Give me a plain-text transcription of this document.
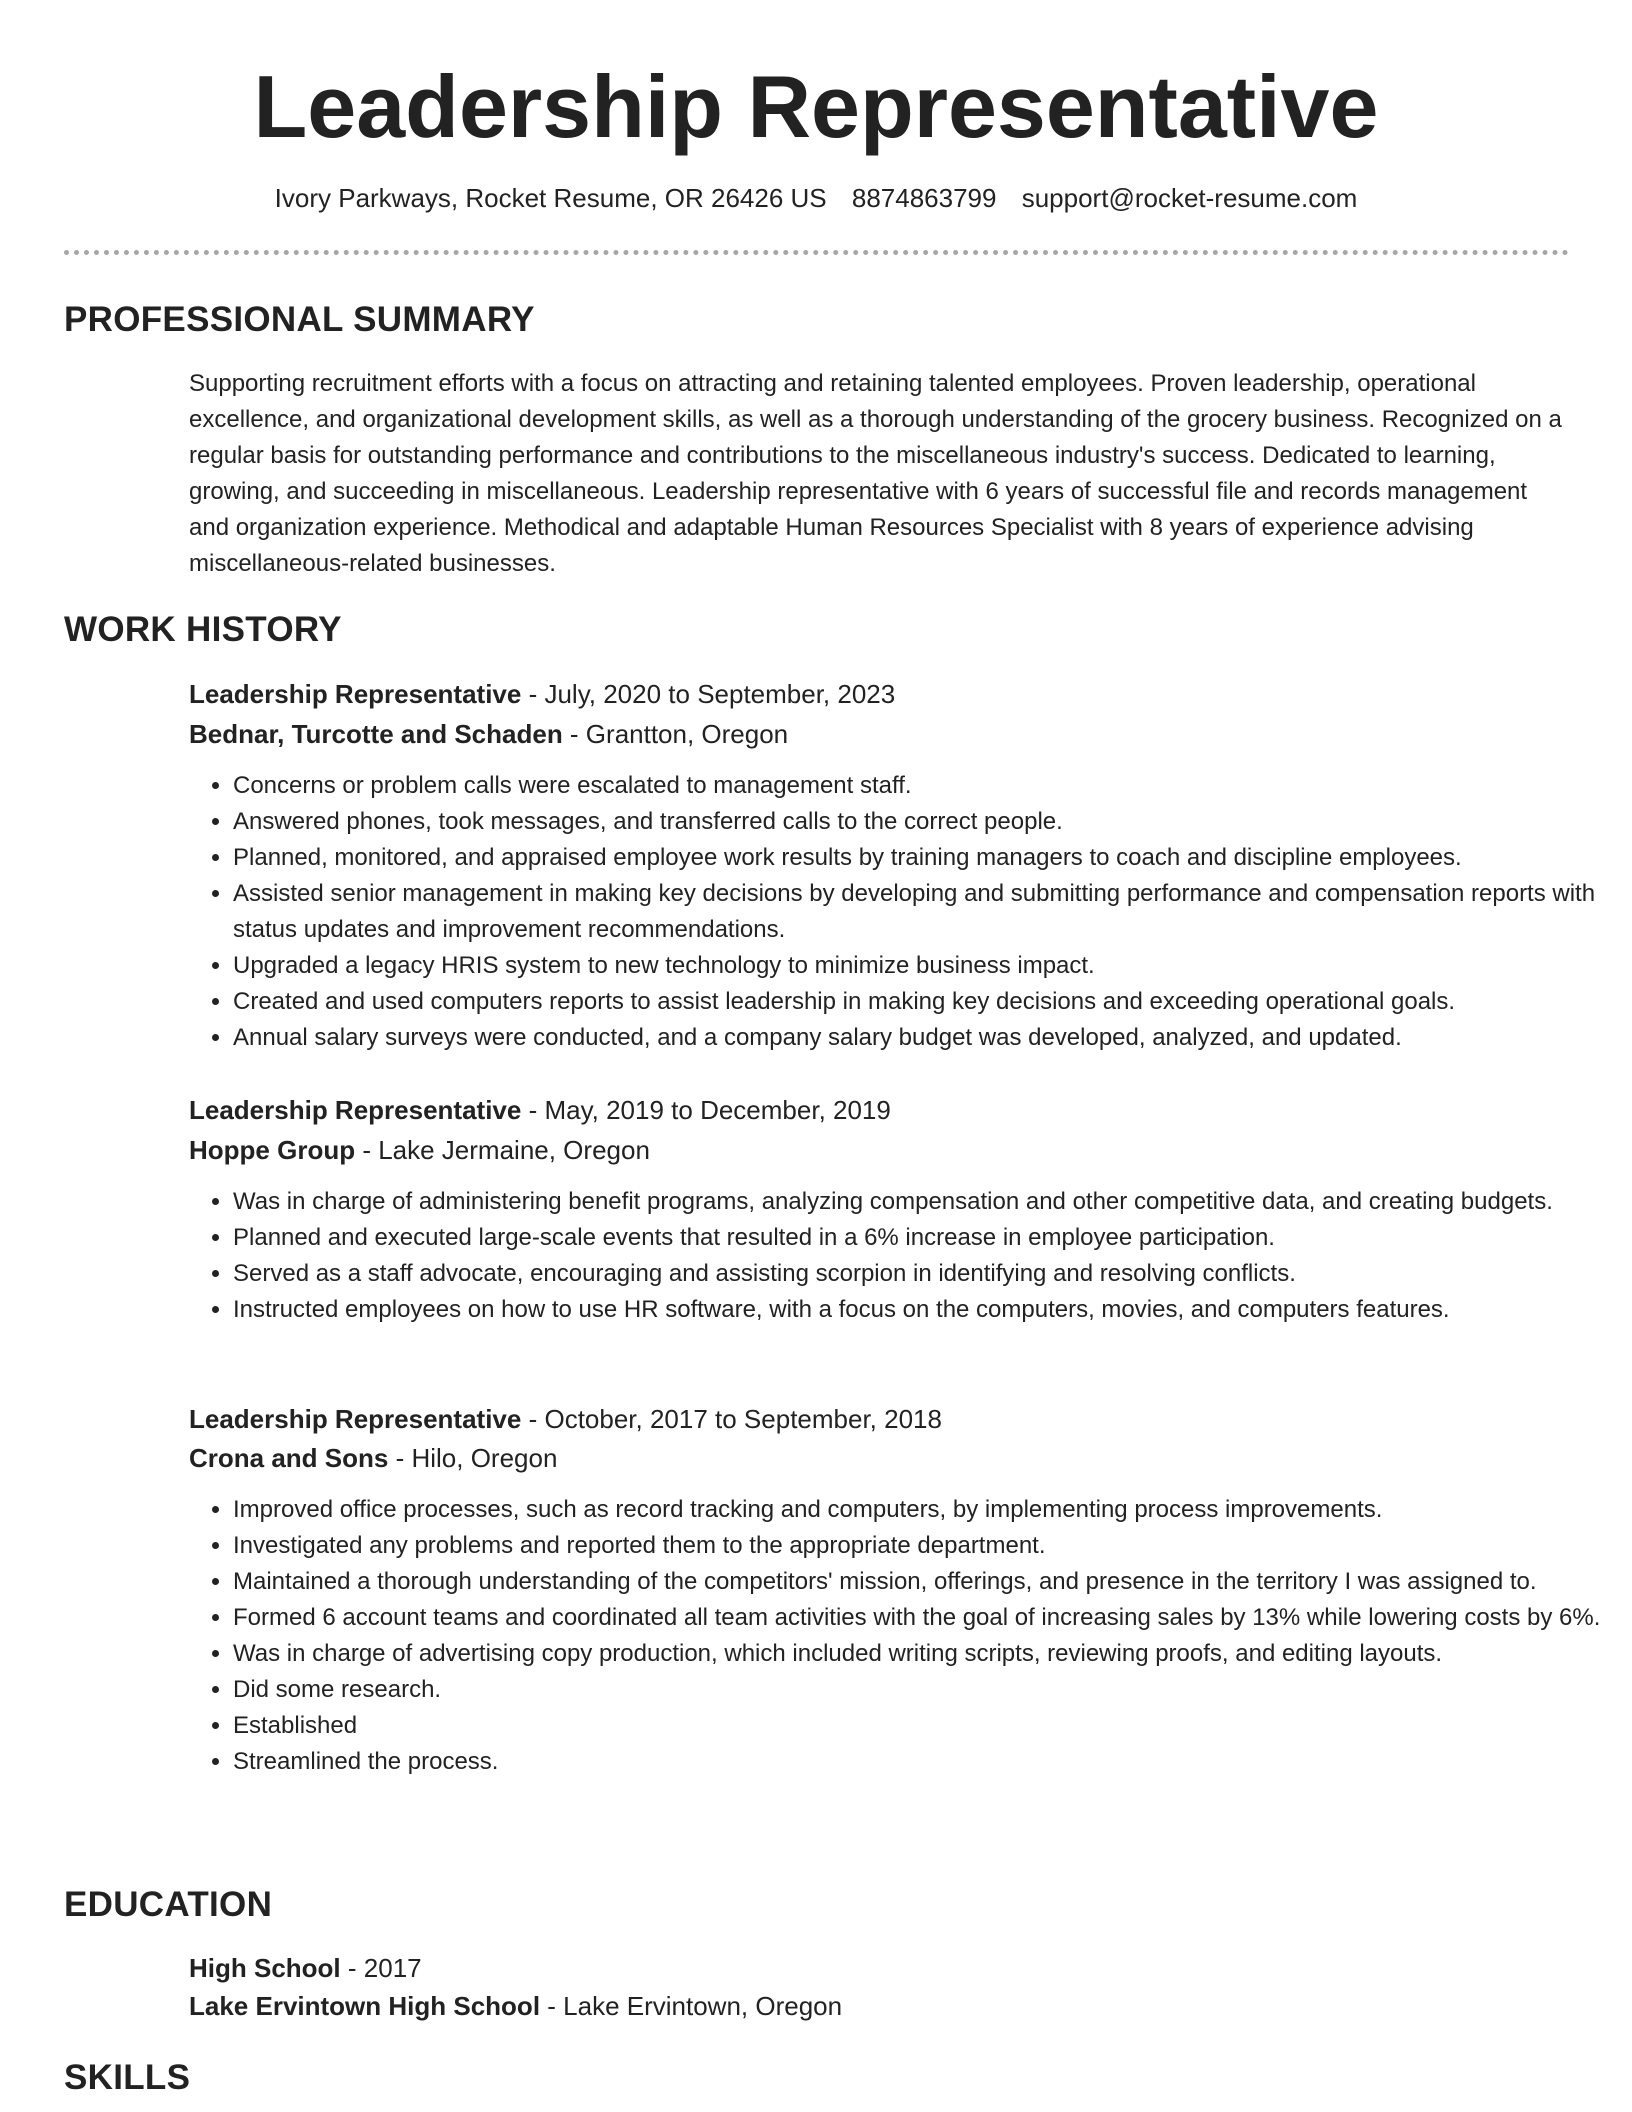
Leadership Representative
Ivory Parkways, Rocket Resume, OR 26426 US 8874863799 support@rocket-resume.com
PROFESSIONAL SUMMARY

Supporting recruitment efforts with a focus on attracting and retaining talented employees. Proven leadership, operational excellence, and organizational development skills, as well as a thorough understanding of the grocery business. Recognized on a regular basis for outstanding performance and contributions to the miscellaneous industry's success. Dedicated to learning, growing, and succeeding in miscellaneous. Leadership representative with 6 years of successful file and records management and organization experience. Methodical and adaptable Human Resources Specialist with 8 years of experience advising miscellaneous-related businesses.

WORK HISTORY
Leadership Representative - July, 2020 to September, 2023
Bednar, Turcotte and Schaden - Grantton, Oregon
• Concerns or problem calls were escalated to management staff.
• Answered phones, took messages, and transferred calls to the correct people.
• Planned, monitored, and appraised employee work results by training managers to coach and discipline employees.
• Assisted senior management in making key decisions by developing and submitting performance and compensation reports with status updates and improvement recommendations.
• Upgraded a legacy HRIS system to new technology to minimize business impact.
• Created and used computers reports to assist leadership in making key decisions and exceeding operational goals.
• Annual salary surveys were conducted, and a company salary budget was developed, analyzed, and updated.
Leadership Representative - May, 2019 to December, 2019
Hoppe Group - Lake Jermaine, Oregon
• Was in charge of administering benefit programs, analyzing compensation and other competitive data, and creating budgets.
• Planned and executed large-scale events that resulted in a 6% increase in employee participation.
• Served as a staff advocate, encouraging and assisting scorpion in identifying and resolving conflicts.
• Instructed employees on how to use HR software, with a focus on the computers, movies, and computers features.
Leadership Representative - October, 2017 to September, 2018
Crona and Sons - Hilo, Oregon
• Improved office processes, such as record tracking and computers, by implementing process improvements.
• Investigated any problems and reported them to the appropriate department.
• Maintained a thorough understanding of the competitors' mission, offerings, and presence in the territory I was assigned to.
• Formed 6 account teams and coordinated all team activities with the goal of increasing sales by 13% while lowering costs by 6%.
• Was in charge of advertising copy production, which included writing scripts, reviewing proofs, and editing layouts.
• Did some research.
• Established
• Streamlined the process.
EDUCATION
High School - 2017
Lake Ervintown High School - Lake Ervintown, Oregon
SKILLS
